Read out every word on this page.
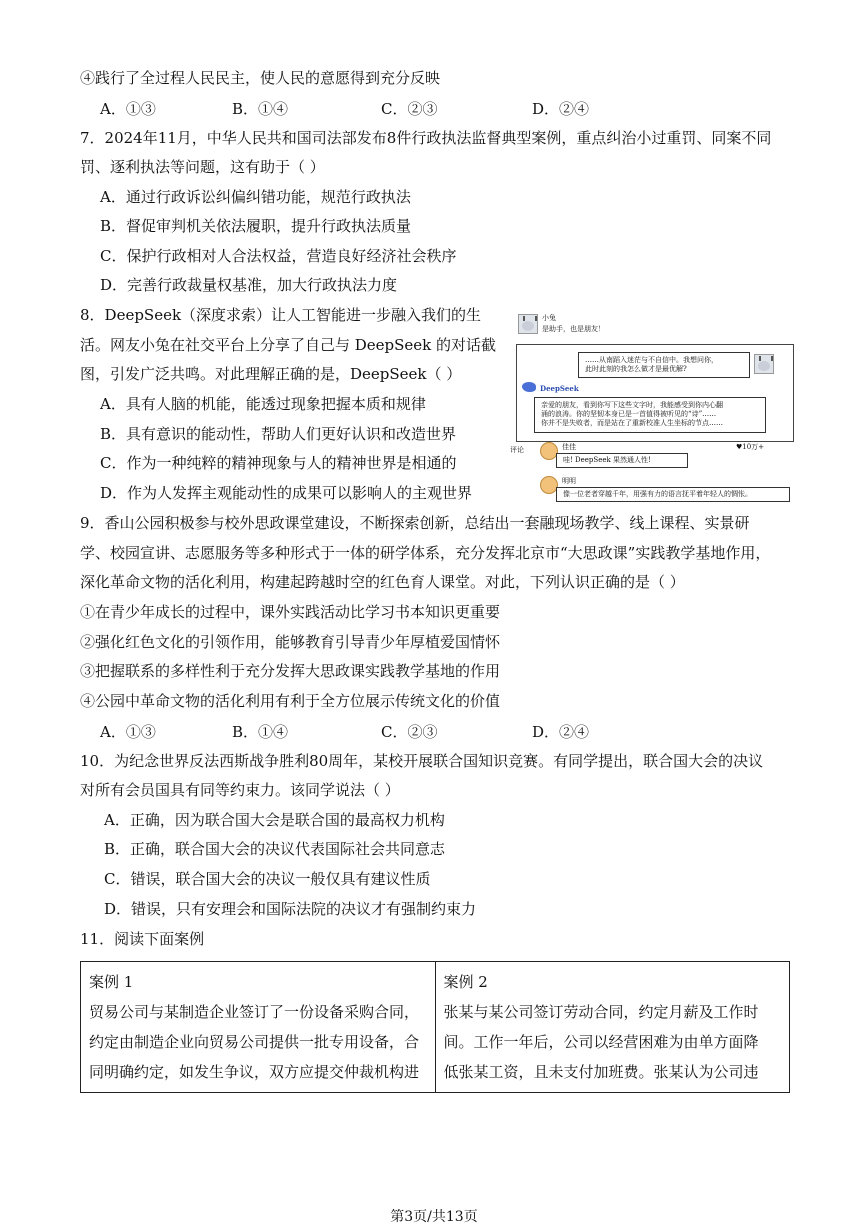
④践行了全过程人民民主，使人民的意愿得到充分反映
A．①③	B．①④	C．②③	D．②④
7．2024年11月，中华人民共和国司法部发布8件行政执法监督典型案例，重点纠治小过重罚、同案不同
罚、逐利执法等问题，这有助于（ ）
A．通过行政诉讼纠偏纠错功能，规范行政执法
B．督促审判机关依法履职，提升行政执法质量
C．保护行政相对人合法权益，营造良好经济社会秩序
D．完善行政裁量权基准，加大行政执法力度
8．DeepSeek（深度求索）让人工智能进一步融入我们的生
活。网友小兔在社交平台上分享了自己与 DeepSeek 的对话截
图，引发广泛共鸣。对此理解正确的是，DeepSeek（ ）
A．具有人脑的机能，能透过现象把握本质和规律
B．具有意识的能动性，帮助人们更好认识和改造世界
C．作为一种纯粹的精神现象与人的精神世界是相通的
D．作为人发挥主观能动性的成果可以影响人的主观世界
小兔
是助手，也是朋友！
……从南蹈入迷茫与不自信中。我想问你，
此时此刻的我怎么做才是最优解?
DeepSeek
亲爱的朋友，看到你写下这些文字时，我能感受到你内心翻
涌的浪涛。你的坚韧本身已是一首值得被听见的“诗”……
你并不是失败者，而是站在了重新校准人生坐标的节点……
评论	佳佳	♥10万+
哇! DeepSeek 果然通人性!
明明
像一位老者穿越千年，用强有力的语言抚平着年轻人的惆怅。
9．香山公园积极参与校外思政课堂建设，不断探索创新，总结出一套融现场教学、线上课程、实景研
学、校园宣讲、志愿服务等多种形式于一体的研学体系，充分发挥北京市“大思政课”实践教学基地作用，
深化革命文物的活化利用，构建起跨越时空的红色育人课堂。对此，下列认识正确的是（ ）
①在青少年成长的过程中，课外实践活动比学习书本知识更重要
②强化红色文化的引领作用，能够教育引导青少年厚植爱国情怀
③把握联系的多样性利于充分发挥大思政课实践教学基地的作用
④公园中革命文物的活化利用有利于全方位展示传统文化的价值
A．①③	B．①④	C．②③	D．②④
10．为纪念世界反法西斯战争胜利80周年，某校开展联合国知识竞赛。有同学提出，联合国大会的决议
对所有会员国具有同等约束力。该同学说法（ ）
A．正确，因为联合国大会是联合国的最高权力机构
B．正确，联合国大会的决议代表国际社会共同意志
C．错误，联合国大会的决议一般仅具有建议性质
D．错误，只有安理会和国际法院的决议才有强制约束力
11．阅读下面案例
案例 1
贸易公司与某制造企业签订了一份设备采购合同，
约定由制造企业向贸易公司提供一批专用设备，合
同明确约定，如发生争议，双方应提交仲裁机构进

案例 2
张某与某公司签订劳动合同，约定月薪及工作时
间。工作一年后，公司以经营困难为由单方面降
低张某工资，且未支付加班费。张某认为公司违
第3页/共13页
